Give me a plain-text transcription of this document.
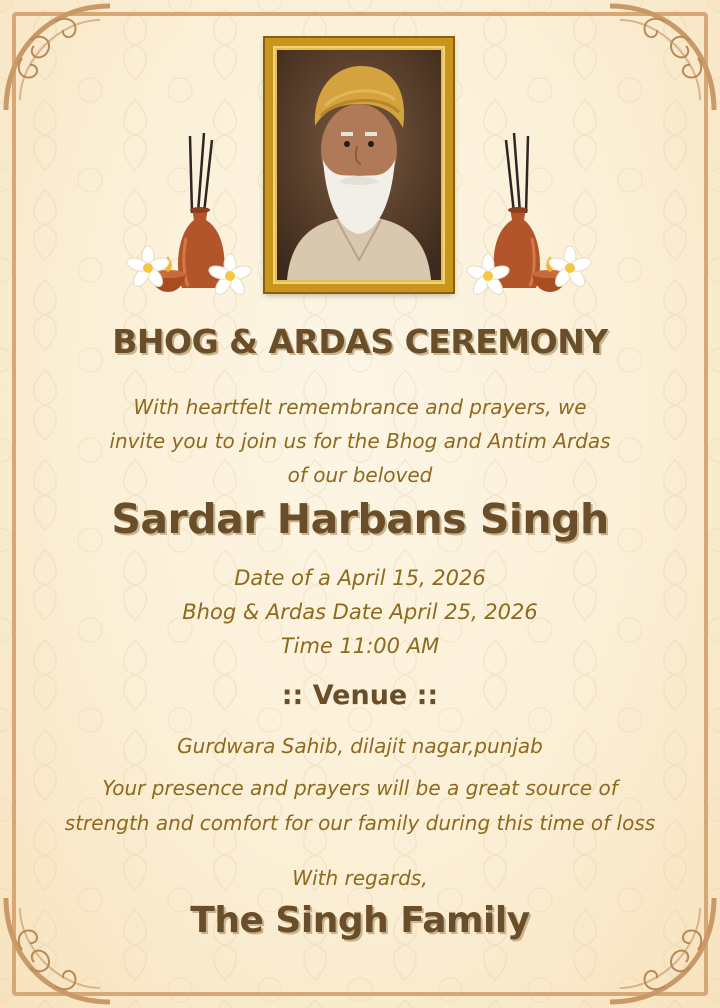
BHOG & ARDAS CEREMONY
With heartfelt remembrance and prayers, we
invite you to join us for the Bhog and Antim Ardas
of our beloved
Sardar Harbans Singh
Date of a April 15, 2026
Bhog & Ardas Date April 25, 2026
Time 11:00 AM
:: Venue ::
Gurdwara Sahib, dilajit nagar,punjab
Your presence and prayers will be a great source of
strength and comfort for our family during this time of loss
With regards,
The Singh Family
